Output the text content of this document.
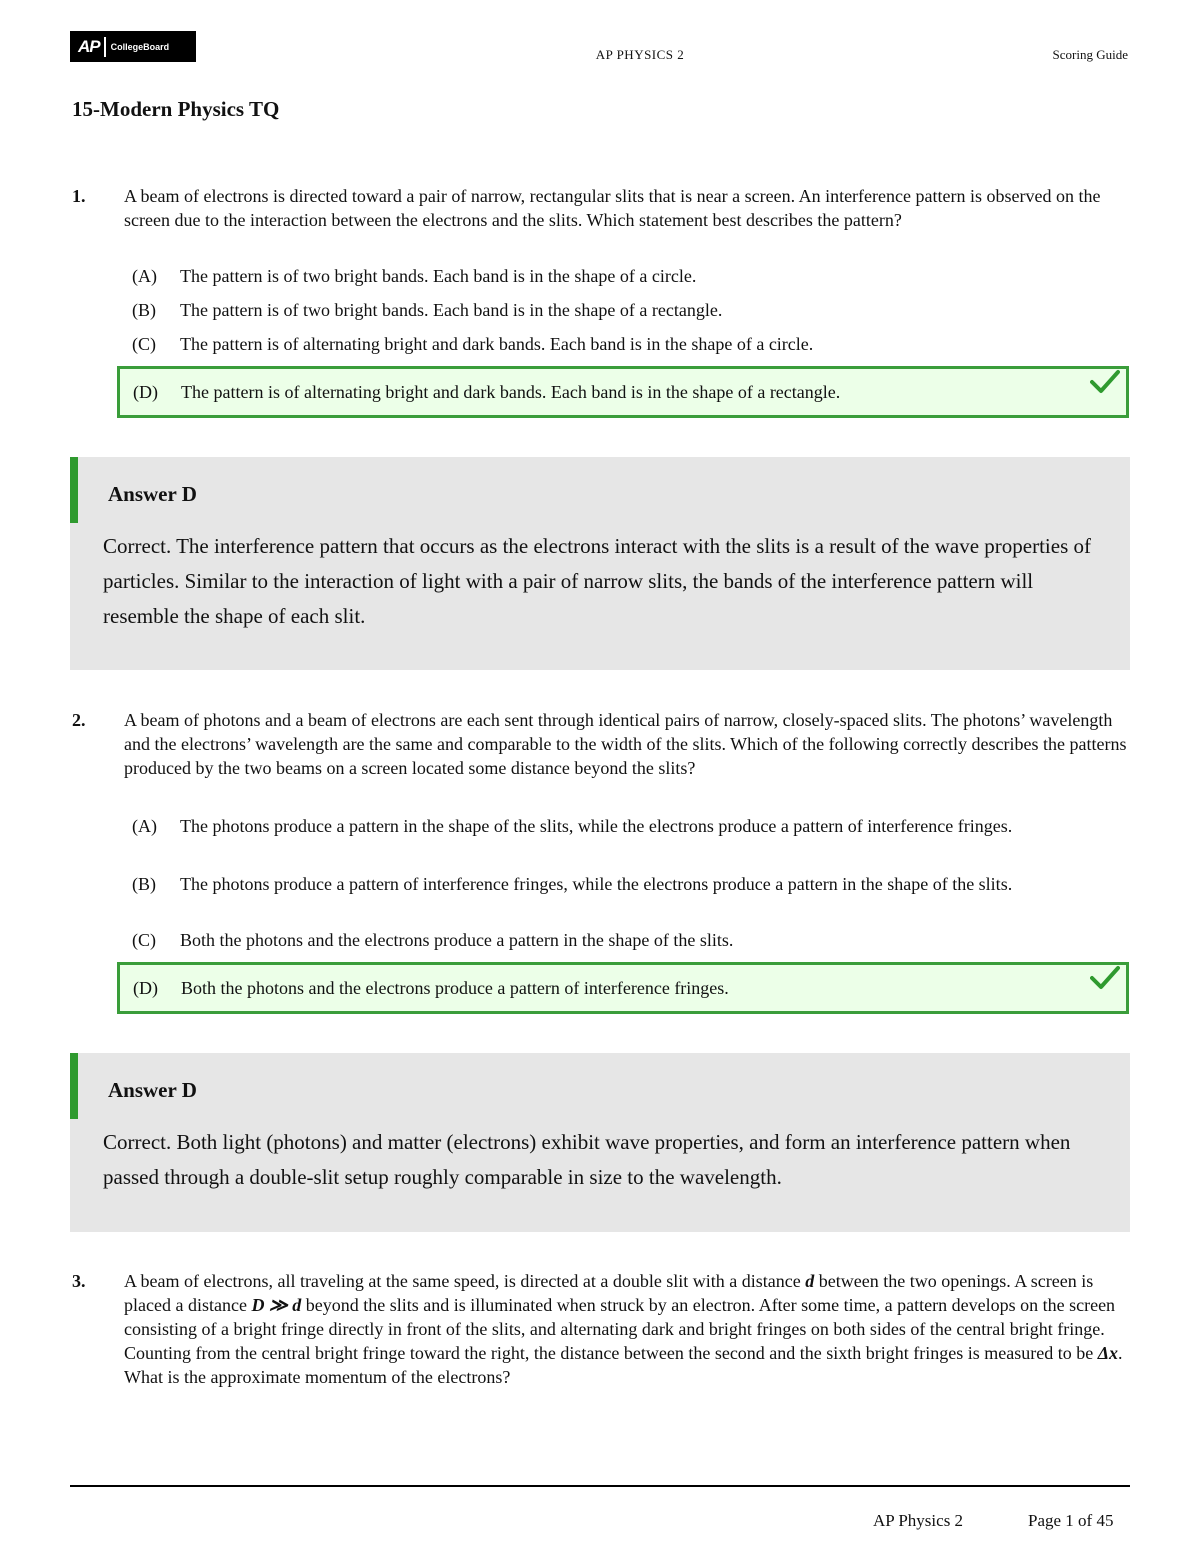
AP CollegeBoard
AP PHYSICS 2	Scoring Guide
15-Modern Physics TQ
1. A beam of electrons is directed toward a pair of narrow, rectangular slits that is near a screen. An interference pattern is observed on the screen due to the interaction between the electrons and the slits. Which statement best describes the pattern?
(A)	The pattern is of two bright bands. Each band is in the shape of a circle.
(B)	The pattern is of two bright bands. Each band is in the shape of a rectangle.
(C)	The pattern is of alternating bright and dark bands. Each band is in the shape of a circle.
(D)	The pattern is of alternating bright and dark bands. Each band is in the shape of a rectangle.
Answer D
Correct. The interference pattern that occurs as the electrons interact with the slits is a result of the wave properties of particles. Similar to the interaction of light with a pair of narrow slits, the bands of the interference pattern will resemble the shape of each slit.
2. A beam of photons and a beam of electrons are each sent through identical pairs of narrow, closely-spaced slits. The photons’ wavelength and the electrons’ wavelength are the same and comparable to the width of the slits. Which of the following correctly describes the patterns produced by the two beams on a screen located some distance beyond the slits?
(A)	The photons produce a pattern in the shape of the slits, while the electrons produce a pattern of interference fringes.
(B)	The photons produce a pattern of interference fringes, while the electrons produce a pattern in the shape of the slits.
(C)	Both the photons and the electrons produce a pattern in the shape of the slits.
(D)	Both the photons and the electrons produce a pattern of interference fringes.
Answer D
Correct. Both light (photons) and matter (electrons) exhibit wave properties, and form an interference pattern when passed through a double-slit setup roughly comparable in size to the wavelength.
3. A beam of electrons, all traveling at the same speed, is directed at a double slit with a distance d between the two openings. A screen is placed a distance D ≫ d beyond the slits and is illuminated when struck by an electron. After some time, a pattern develops on the screen consisting of a bright fringe directly in front of the slits, and alternating dark and bright fringes on both sides of the central bright fringe. Counting from the central bright fringe toward the right, the distance between the second and the sixth bright fringes is measured to be Δx. What is the approximate momentum of the electrons?
AP Physics 2	Page 1 of 45
